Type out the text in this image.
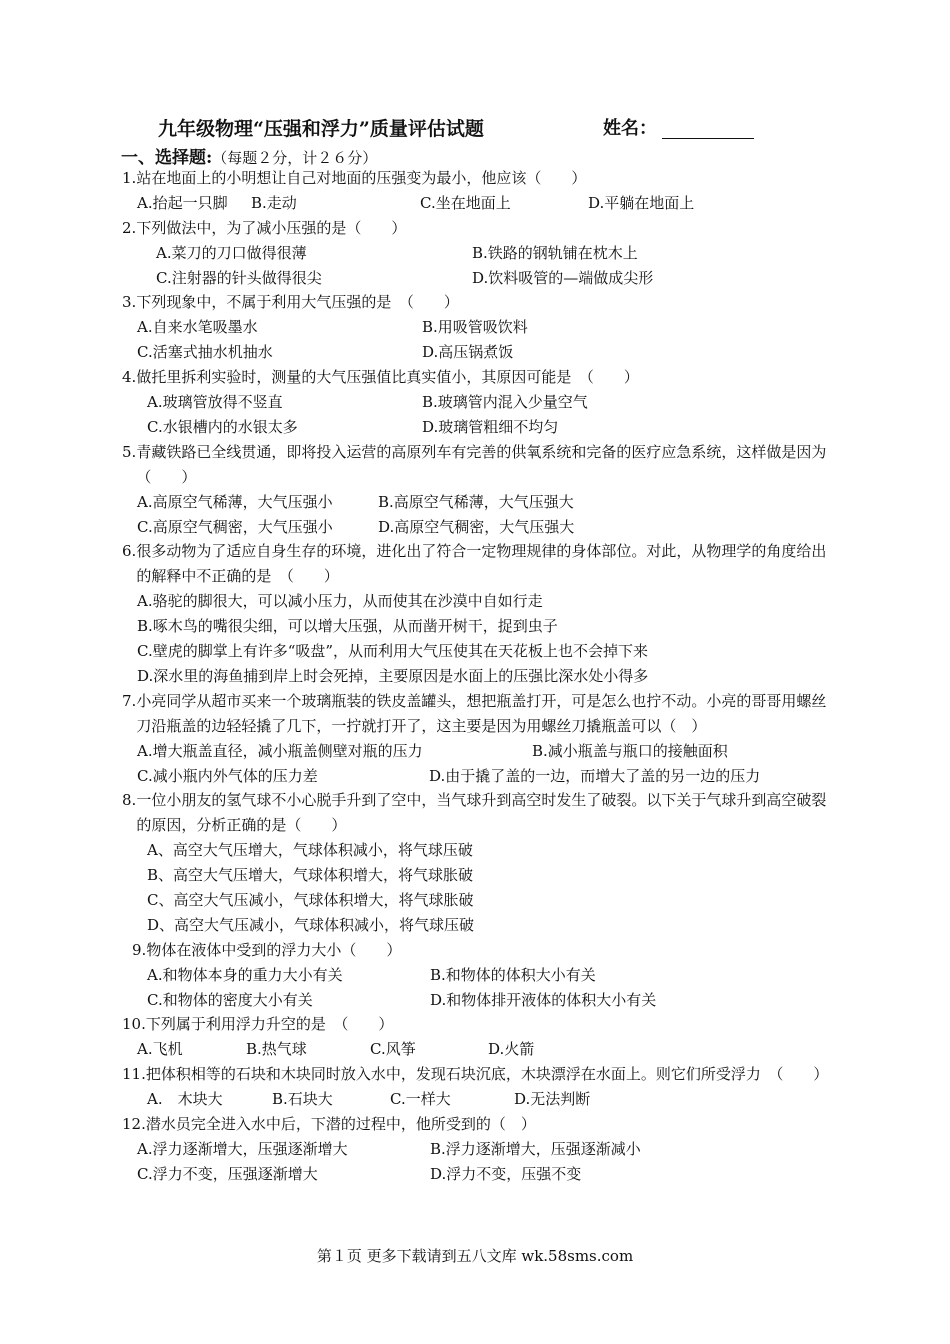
九年级物理“压强和浮力”质量评估试题	姓名：
一、选择题:（每题２分，计２６分）
1. 站在地面上的小明想让自己对地面的压强变为最小，他应该（　　）
A.抬起一只脚 B.走动	C.坐在地面上	D.平躺在地面上
2. 下列做法中，为了减小压强的是（　　）
A.菜刀的刀口做得很薄	B.铁路的钢轨铺在枕木上
C.注射器的针头做得很尖	D.饮料吸管的—端做成尖形
3. 下列现象中，不属于利用大气压强的是　（　　）
A.自来水笔吸墨水	B.用吸管吸饮料
C.活塞式抽水机抽水	D.高压锅煮饭
4. 做托里拆利实验时，测量的大气压强值比真实值小，其原因可能是　（　　）
A.玻璃管放得不竖直	B.玻璃管内混入少量空气
C.水银槽内的水银太多	D.玻璃管粗细不均匀
5. 青藏铁路已全线贯通，即将投入运营的高原列车有完善的供氧系统和完备的医疗应急系统，这样做是因为（　　）
A.高原空气稀薄，大气压强小	B.高原空气稀薄，大气压强大
C.高原空气稠密，大气压强小	D.高原空气稠密，大气压强大
6. 很多动物为了适应自身生存的环境，进化出了符合一定物理规律的身体部位。对此，从物理学的角度给出的解释中不正确的是　（　　）
A.骆驼的脚很大，可以减小压力，从而使其在沙漠中自如行走
B.啄木鸟的嘴很尖细，可以增大压强，从而凿开树干，捉到虫子
C.壁虎的脚掌上有许多“吸盘”，从而利用大气压使其在天花板上也不会掉下来
D.深水里的海鱼捕到岸上时会死掉，主要原因是水面上的压强比深水处小得多
7. 小亮同学从超市买来一个玻璃瓶装的铁皮盖罐头，想把瓶盖打开，可是怎么也拧不动。小亮的哥哥用螺丝刀沿瓶盖的边轻轻撬了几下，一拧就打开了，这主要是因为用螺丝刀撬瓶盖可以（　）
A.增大瓶盖直径，减小瓶盖侧壁对瓶的压力	B.减小瓶盖与瓶口的接触面积
C.减小瓶内外气体的压力差	D.由于撬了盖的一边，而增大了盖的另一边的压力
8. 一位小朋友的氢气球不小心脱手升到了空中，当气球升到高空时发生了破裂。以下关于气球升到高空破裂的原因，分析正确的是（　　）
A、高空大气压增大，气球体积减小，将气球压破
B、高空大气压增大，气球体积增大，将气球胀破
C、高空大气压减小，气球体积增大，将气球胀破
D、高空大气压减小，气球体积减小，将气球压破
9. 物体在液体中受到的浮力大小（　　）
A.和物体本身的重力大小有关	B.和物体的体积大小有关
C.和物体的密度大小有关	D.和物体排开液体的体积大小有关
10. 下列属于利用浮力升空的是　（　　）
A.飞机	B.热气球	C.风筝	D.火箭
11. 把体积相等的石块和木块同时放入水中，发现石块沉底，木块漂浮在水面上。则它们所受浮力　（　　）
A.　木块大	B.石块大	C.一样大	D.无法判断
12. 潜水员完全进入水中后，下潜的过程中，他所受到的（　）
A.浮力逐渐增大，压强逐渐增大	B.浮力逐渐增大，压强逐渐减小
C.浮力不变，压强逐渐增大	D.浮力不变，压强不变
第１页 更多下载请到五八文库 wk.58sms.com
